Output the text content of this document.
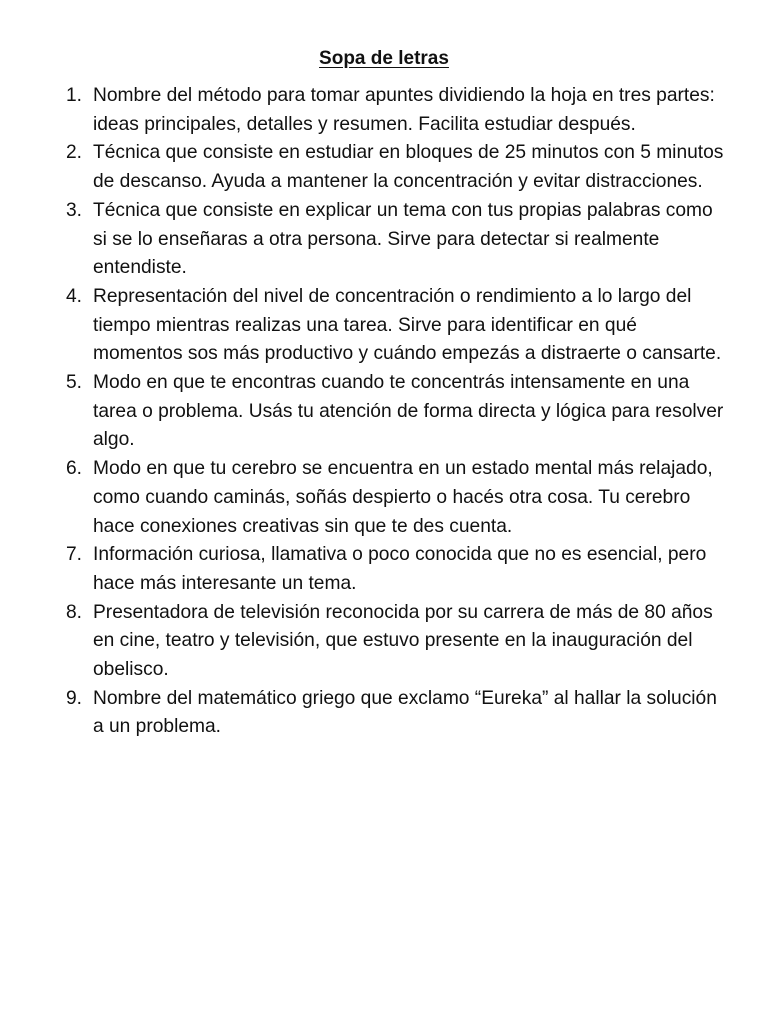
Sopa de letras
1. Nombre del método para tomar apuntes dividiendo la hoja en tres partes: ideas principales, detalles y resumen. Facilita estudiar después.
2. Técnica que consiste en estudiar en bloques de 25 minutos con 5 minutos de descanso. Ayuda a mantener la concentración y evitar distracciones.
3. Técnica que consiste en explicar un tema con tus propias palabras como si se lo enseñaras a otra persona. Sirve para detectar si realmente entendiste.
4. Representación del nivel de concentración o rendimiento a lo largo del tiempo mientras realizas una tarea. Sirve para identificar en qué momentos sos más productivo y cuándo empezás a distraerte o cansarte.
5. Modo en que te encontras cuando te concentrás intensamente en una tarea o problema. Usás tu atención de forma directa y lógica para resolver algo.
6. Modo en que tu cerebro se encuentra en un estado mental más relajado, como cuando caminás, soñás despierto o hacés otra cosa. Tu cerebro hace conexiones creativas sin que te des cuenta.
7. Información curiosa, llamativa o poco conocida que no es esencial, pero hace más interesante un tema.
8. Presentadora de televisión reconocida por su carrera de más de 80 años en cine, teatro y televisión, que estuvo presente en la inauguración del obelisco.
9. Nombre del matemático griego que exclamo “Eureka” al hallar la solución a un problema.
